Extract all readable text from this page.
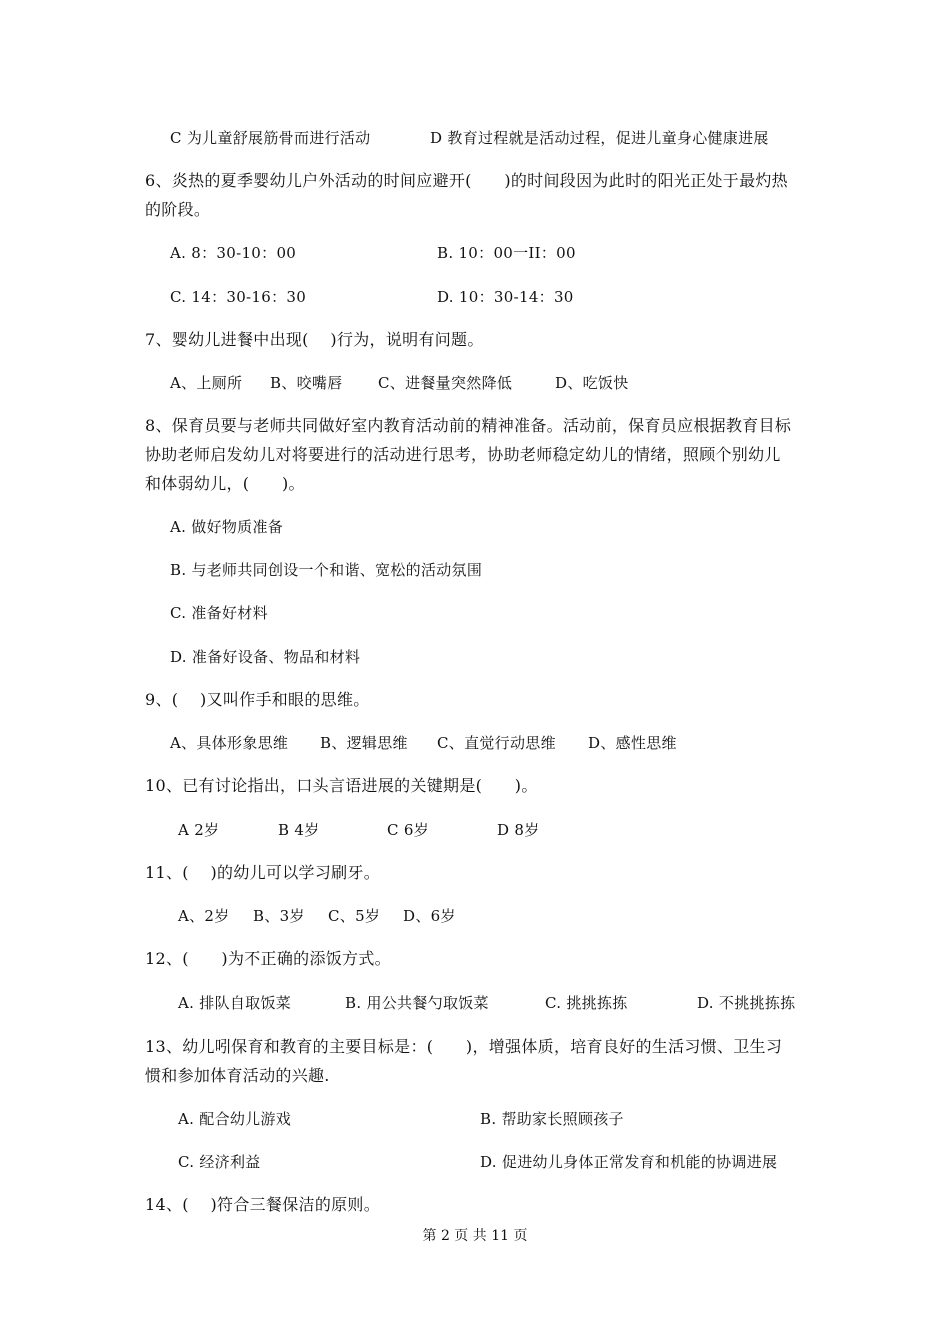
C 为儿童舒展筋骨而进行活动	D 教育过程就是活动过程，促进儿童身心健康进展
6、炎热的夏季婴幼儿户外活动的时间应避开(　　)的时间段因为此时的阳光正处于最灼热
的阶段。
A. 8：30-10：00	B. 10：00一II：00
C. 14：30-16：30	D. 10：30-14：30
7、婴幼儿进餐中出现(　 )行为，说明有问题。
A、上厕所 B、咬嘴唇 C、进餐量突然降低	D、吃饭快
8、保育员要与老师共同做好室内教育活动前的精神准备。活动前，保育员应根据教育目标
协助老师启发幼儿对将要进行的活动进行思考，协助老师稳定幼儿的情绪，照顾个别幼儿
和体弱幼儿，(　　)。
A. 做好物质准备
B. 与老师共同创设一个和谐、宽松的活动氛围
C. 准备好材料
D. 准备好设备、物品和材料
9、(　 )又叫作手和眼的思维。
A、具体形象思维 B、逻辑思维 C、直觉行动思维 D、感性思维
10、已有讨论指出，口头言语进展的关键期是(　　)。
A 2岁	B 4岁	C 6岁	D 8岁
11、(　 )的幼儿可以学习刷牙。
A、2岁 B、3岁 C、5岁 D、6岁
12、(　　)为不正确的添饭方式。
A. 排队自取饭菜	B. 用公共餐勺取饭菜	C. 挑挑拣拣	D. 不挑挑拣拣
13、幼儿吲保育和教育的主要目标是：(　　)，增强体质，培育良好的生活习惯、卫生习
惯和参加体育活动的兴趣.
A. 配合幼儿游戏	B. 帮助家长照顾孩子
C. 经济利益	D. 促进幼儿身体正常发育和机能的协调进展
14、(　 )符合三餐保洁的原则。
第 2 页 共 11 页
